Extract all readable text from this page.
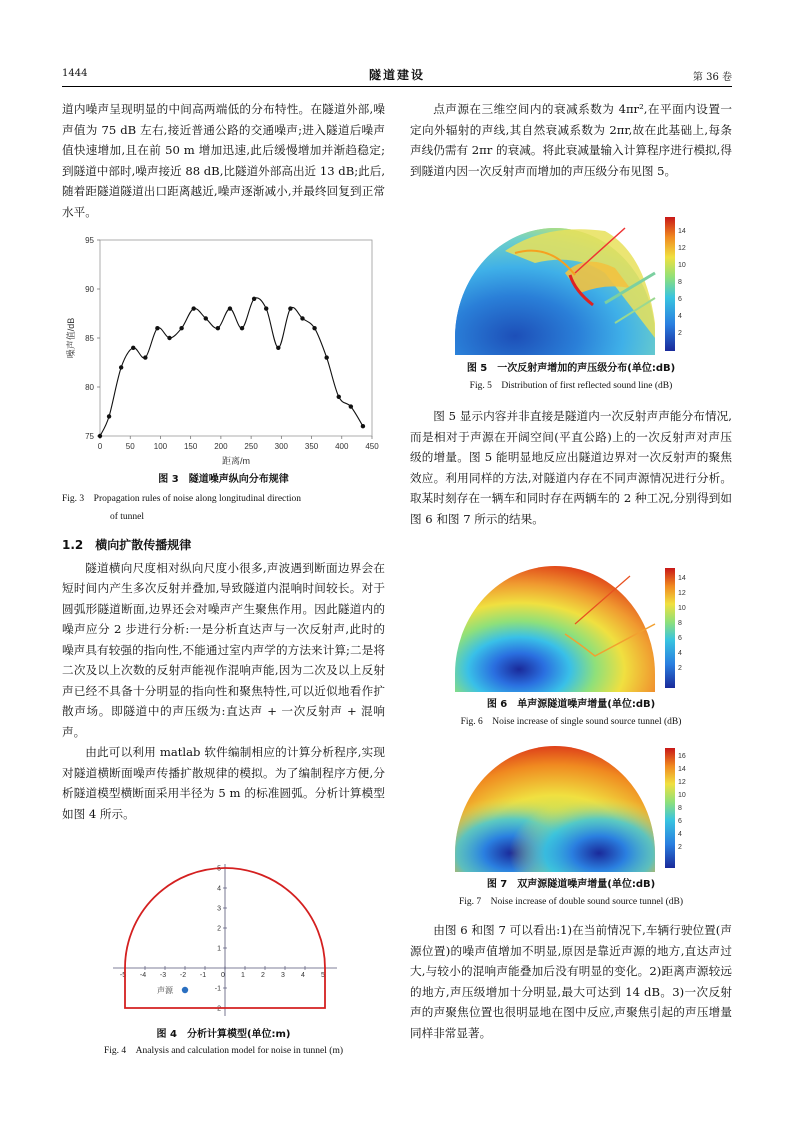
1444	隧道建设	第 36 卷

道内噪声呈现明显的中间高两端低的分布特性。在隧道外部,噪声值为 75 dB 左右,接近普通公路的交通噪声;进入隧道后噪声值快速增加,且在前 50 m 增加迅速,此后缓慢增加并渐趋稳定;到隧道中部时,噪声接近 88 dB,比隧道外部高出近 13 dB;此后,随着距隧道隧道出口距离越近,噪声逐渐减小,并最终回复到正常水平。

0	50 100 150 200 250 300 350 400 450
75
80
85
90
95
距离/m
噪声值/dB
图 3　隧道噪声纵向分布规律
Fig. 3　Propagation rules of noise along longitudinal direction
of tunnel

1.2　横向扩散传播规律

隧道横向尺度相对纵向尺度小很多,声波遇到断面边界会在短时间内产生多次反射并叠加,导致隧道内混响时间较长。对于圆弧形隧道断面,边界还会对噪声产生聚焦作用。因此隧道内的噪声应分 2 步进行分析:一是分析直达声与一次反射声,此时的噪声具有较强的指向性,不能通过室内声学的方法来计算;二是将二次及以上次数的反射声能视作混响声能,因为二次及以上反射声已经不具备十分明显的指向性和聚焦特性,可以近似地看作扩散声场。即隧道中的声压级为:直达声 + 一次反射声 + 混响声。

由此可以利用 matlab 软件编制相应的计算分析程序,实现对隧道横断面噪声传播扩散规律的模拟。为了编制程序方便,分析隧道模型横断面采用半径为 5 m 的标准圆弧。分析计算模型如图 4 所示。

-5 -4 -3 -2 -1 0 1 2 3 4 5
-2
-1
1
2
3
4
5
声源
图 4　分析计算模型(单位:m)
Fig. 4　Analysis and calculation model for noise in tunnel (m)

点声源在三维空间内的衰减系数为 4πr²,在平面内设置一定向外辐射的声线,其自然衰减系数为 2πr,故在此基础上,每条声线仍需有 2πr 的衰减。将此衰减量输入计算程序进行模拟,得到隧道内因一次反射声而增加的声压级分布见图 5。

14
12
10
8
6
4
2
图 5　一次反射声增加的声压级分布(单位:dB)
Fig. 5　Distribution of first reflected sound line (dB)

图 5 显示内容并非直接是隧道内一次反射声声能分布情况,而是相对于声源在开阔空间(平直公路)上的一次反射声对声压级的增量。图 5 能明显地反应出隧道边界对一次反射声的聚焦效应。利用同样的方法,对隧道内存在不同声源情况进行分析。取某时刻存在一辆车和同时存在两辆车的 2 种工况,分别得到如图 6 和图 7 所示的结果。

14
12
10
8
6
4
2
图 6　单声源隧道噪声增量(单位:dB)
Fig. 6　Noise increase of single sound source tunnel (dB)
16
14
12
10
8
6
4
2
图 7　双声源隧道噪声增量(单位:dB)
Fig. 7　Noise increase of double sound source tunnel (dB)

由图 6 和图 7 可以看出:1)在当前情况下,车辆行驶位置(声源位置)的噪声值增加不明显,原因是靠近声源的地方,直达声过大,与较小的混响声能叠加后没有明显的变化。2)距离声源较远的地方,声压级增加十分明显,最大可达到 14 dB。3)一次反射声的声聚焦位置也很明显地在图中反应,声聚焦引起的声压增量同样非常显著。
